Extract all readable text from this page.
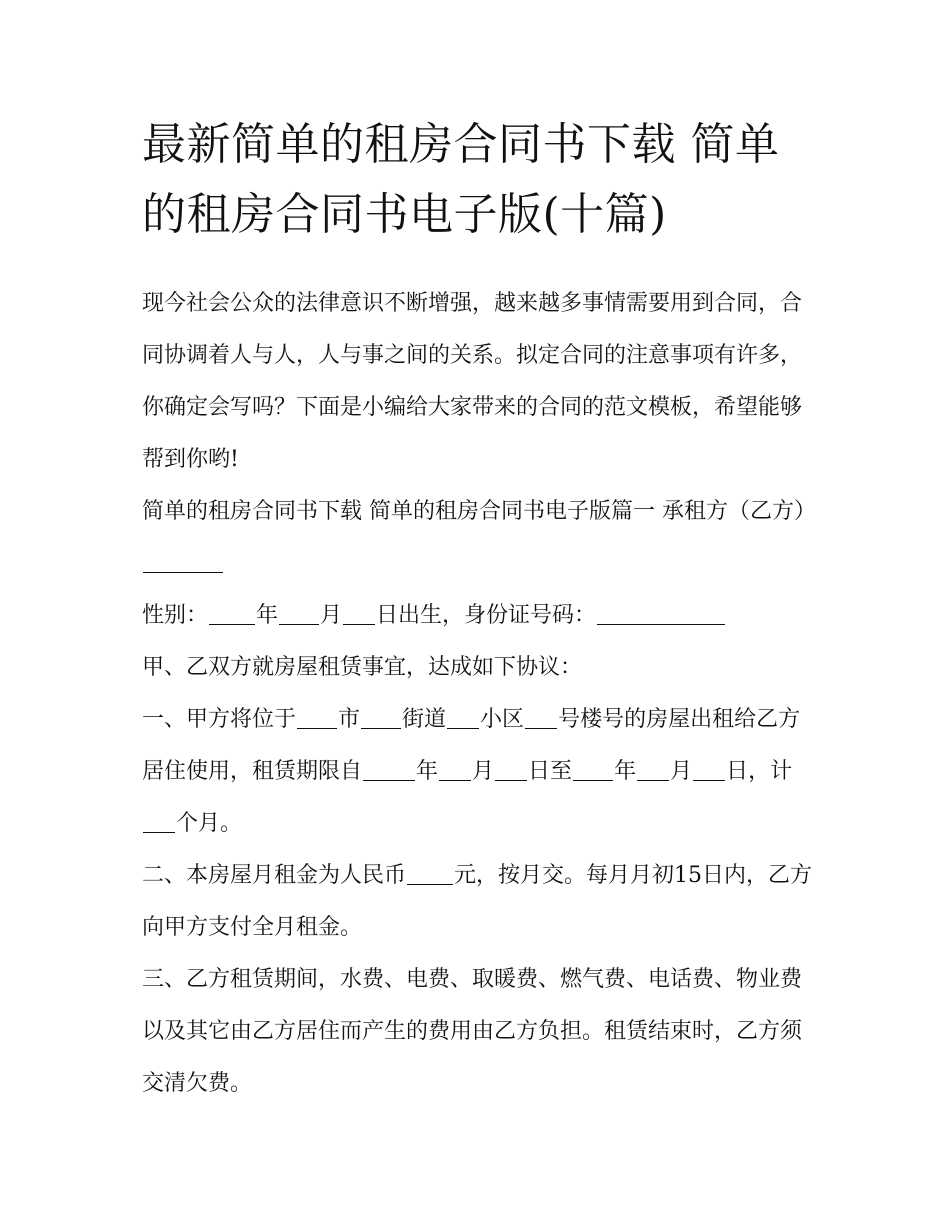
最新简单的租房合同书下载 简单的租房合同书电子版(十篇)

现今社会公众的法律意识不断增强，越来越多事情需要用到合同，合同协调着人与人，人与事之间的关系。拟定合同的注意事项有许多，你确定会写吗？下面是小编给大家带来的合同的范文模板，希望能够帮到你哟!

简单的租房合同书下载 简单的租房合同书电子版篇一 承租方（乙方）

性别： 年 月 日出生，身份证号码：

甲、乙双方就房屋租赁事宜，达成如下协议：

一、甲方将位于 市 街道 小区 号楼号的房屋出租给乙方居住使用，租赁期限自 年 月 日至 年 月 日，计个月。

二、本房屋月租金为人民币 元，按月交。每月月初15日内，乙方向甲方支付全月租金。

三、乙方租赁期间，水费、电费、取暖费、燃气费、电话费、物业费以及其它由乙方居住而产生的费用由乙方负担。租赁结束时，乙方须交清欠费。
